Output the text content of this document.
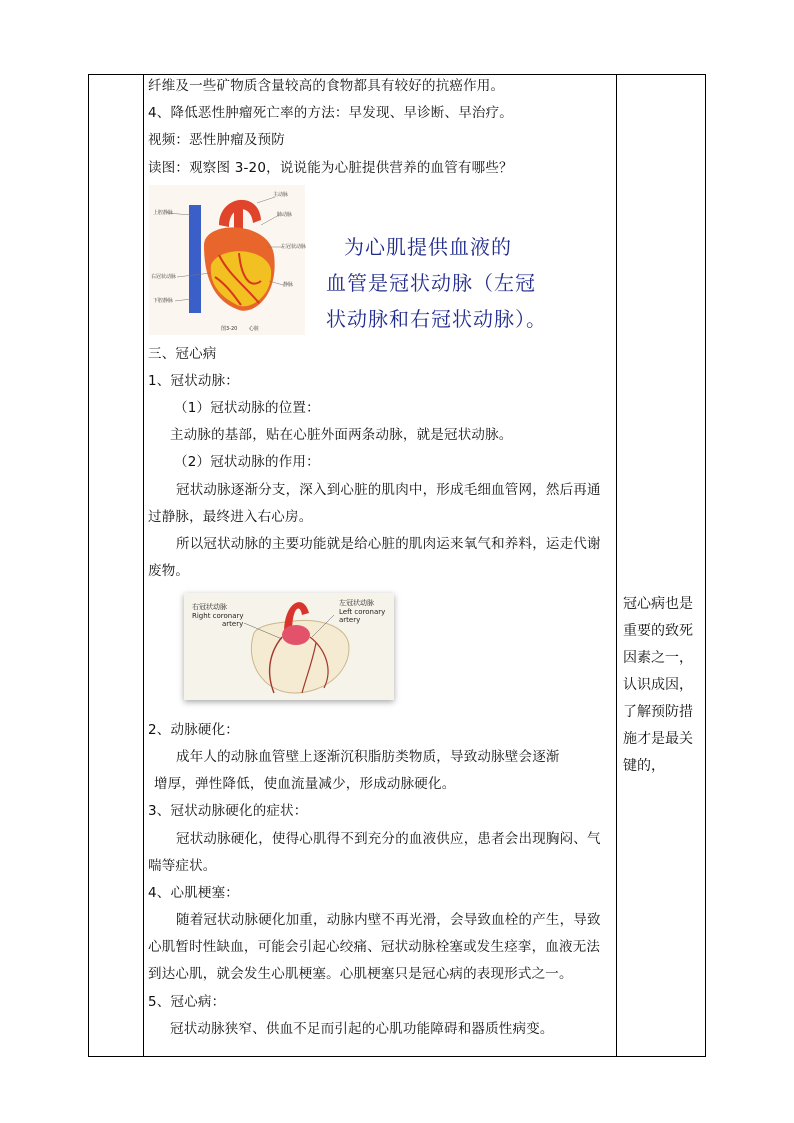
纤维及一些矿物质含量较高的食物都具有较好的抗癌作用。
4、降低恶性肿瘤死亡率的方法：早发现、早诊断、早治疗。
视频：恶性肿瘤及预防
读图：观察图 3-20，说说能为心脏提供营养的血管有哪些？
上腔静脉
主动脉
肺动脉
左冠状动脉
右冠状动脉
静脉
下腔静脉
图3-20 心脏
为心肌提供血液的
血管是冠状动脉（左冠
状动脉和右冠状动脉）。
三、冠心病
1、冠状动脉：
（1）冠状动脉的位置：
主动脉的基部，贴在心脏外面两条动脉，就是冠状动脉。
（2）冠状动脉的作用：
冠状动脉逐渐分支，深入到心脏的肌肉中，形成毛细血管网，然后再通
过静脉，最终进入右心房。
所以冠状动脉的主要功能就是给心脏的肌肉运来氧气和养料，运走代谢
废物。
右冠状动脉
Right coronary
artery
左冠状动脉
Left coronary
artery
2、动脉硬化：
成年人的动脉血管壁上逐渐沉积脂肪类物质，导致动脉壁会逐渐
增厚，弹性降低，使血流量减少，形成动脉硬化。
3、冠状动脉硬化的症状：
冠状动脉硬化，使得心肌得不到充分的血液供应，患者会出现胸闷、气
喘等症状。
4、心肌梗塞：
随着冠状动脉硬化加重，动脉内壁不再光滑，会导致血栓的产生，导致
心肌暂时性缺血，可能会引起心绞痛、冠状动脉栓塞或发生痉挛，血液无法
到达心肌，就会发生心肌梗塞。心肌梗塞只是冠心病的表现形式之一。
5、冠心病：
冠状动脉狭窄、供血不足而引起的心肌功能障碍和器质性病变。
冠心病也是
重要的致死
因素之一，
认识成因，
了解预防措
施才是最关
键的，
